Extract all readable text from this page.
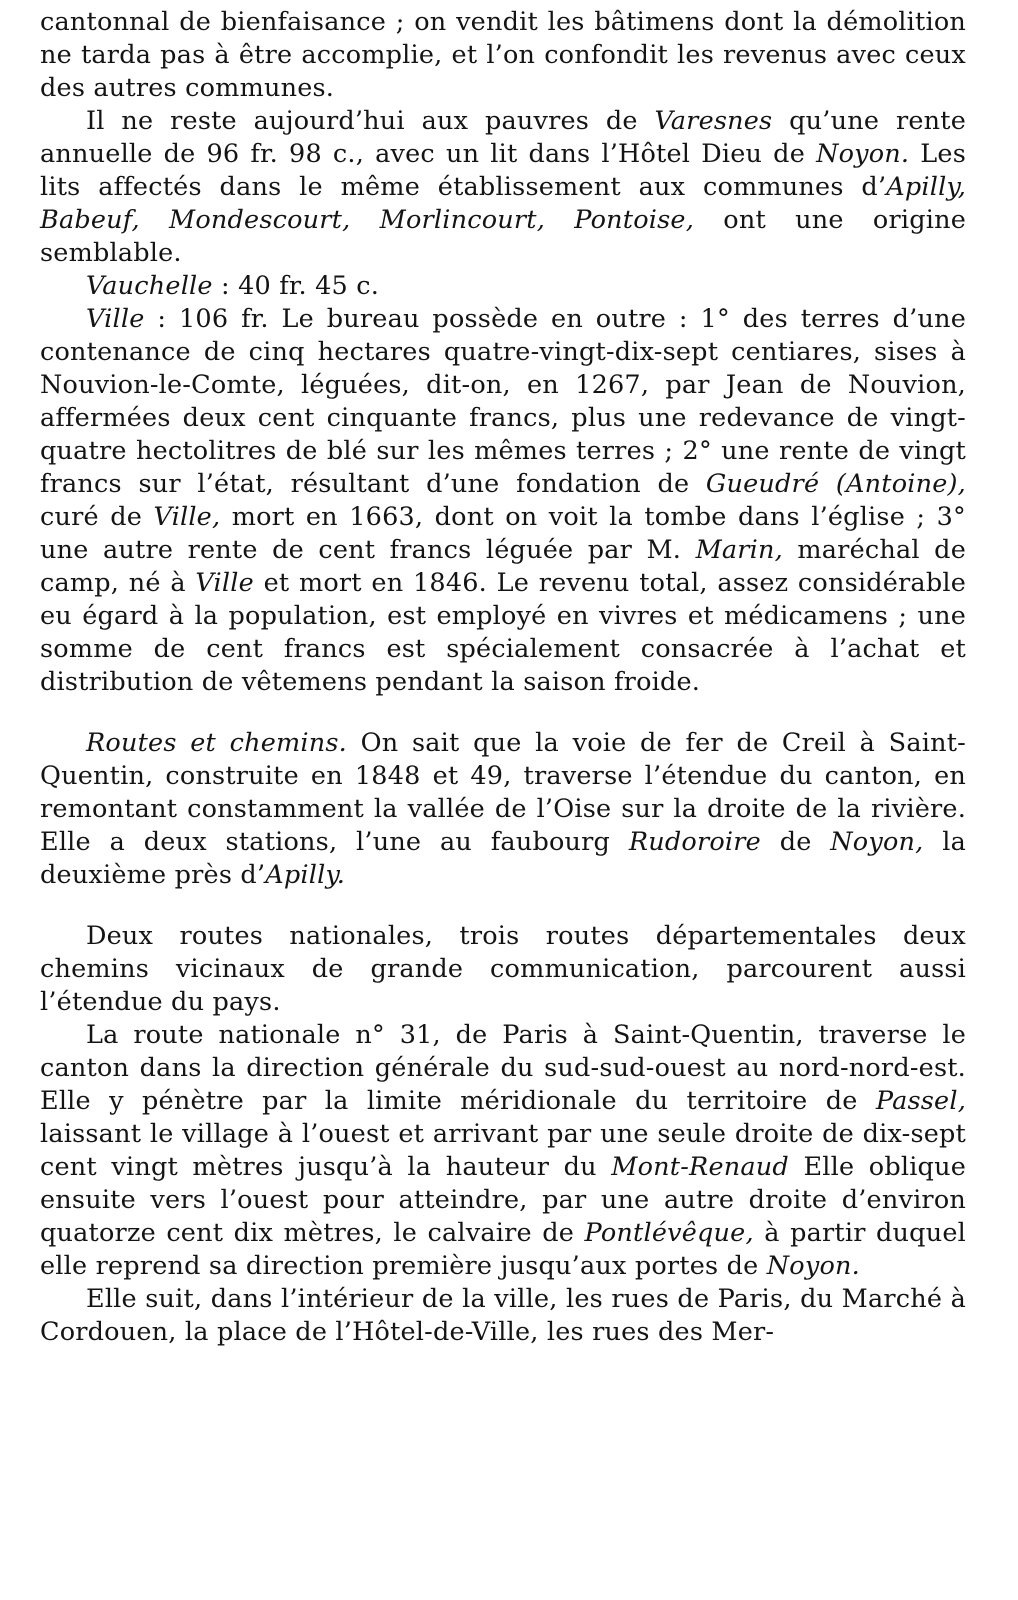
cantonnal de bienfaisance ; on vendit les bâtimens dont la démolition ne tarda pas à être accomplie, et l’on confondit les revenus avec ceux des autres communes.

Il ne reste aujourd’hui aux pauvres de Varesnes qu’une rente annuelle de 96 fr. 98 c., avec un lit dans l’Hôtel Dieu de Noyon. Les lits affectés dans le même établissement aux communes d’Apilly, Babeuf, Mondescourt, Morlincourt, Pontoise, ont une origine semblable.

Vauchelle : 40 fr. 45 c.

Ville : 106 fr. Le bureau possède en outre : 1° des terres d’une contenance de cinq hectares quatre-vingt-dix-sept centiares, sises à Nouvion-le-Comte, léguées, dit-on, en 1267, par Jean de Nouvion, affermées deux cent cinquante francs, plus une redevance de vingt-quatre hectolitres de blé sur les mêmes terres ; 2° une rente de vingt francs sur l’état, résultant d’une fondation de Gueudré (Antoine), curé de Ville, mort en 1663, dont on voit la tombe dans l’église ; 3° une autre rente de cent francs léguée par M. Marin, maréchal de camp, né à Ville et mort en 1846. Le revenu total, assez considérable eu égard à la population, est employé en vivres et médicamens ; une somme de cent francs est spécialement consacrée à l’achat et distribution de vêtemens pendant la saison froide.

Routes et chemins. On sait que la voie de fer de Creil à Saint-Quentin, construite en 1848 et 49, traverse l’étendue du canton, en remontant constamment la vallée de l’Oise sur la droite de la rivière. Elle a deux stations, l’une au faubourg Rudoroire de Noyon, la deuxième près d’Apilly.

Deux routes nationales, trois routes départementales deux chemins vicinaux de grande communication, parcourent aussi l’étendue du pays.

La route nationale n° 31, de Paris à Saint-Quentin, traverse le canton dans la direction générale du sud-sud-ouest au nord-nord-est. Elle y pénètre par la limite méridionale du territoire de Passel, laissant le village à l’ouest et arrivant par une seule droite de dix-sept cent vingt mètres jusqu’à la hauteur du Mont-Renaud Elle oblique ensuite vers l’ouest pour atteindre, par une autre droite d’environ quatorze cent dix mètres, le calvaire de Pontlévêque, à partir duquel elle reprend sa direction première jusqu’aux portes de Noyon.

Elle suit, dans l’intérieur de la ville, les rues de Paris, du Marché à Cordouen, la place de l’Hôtel-de-Ville, les rues des Mer-
